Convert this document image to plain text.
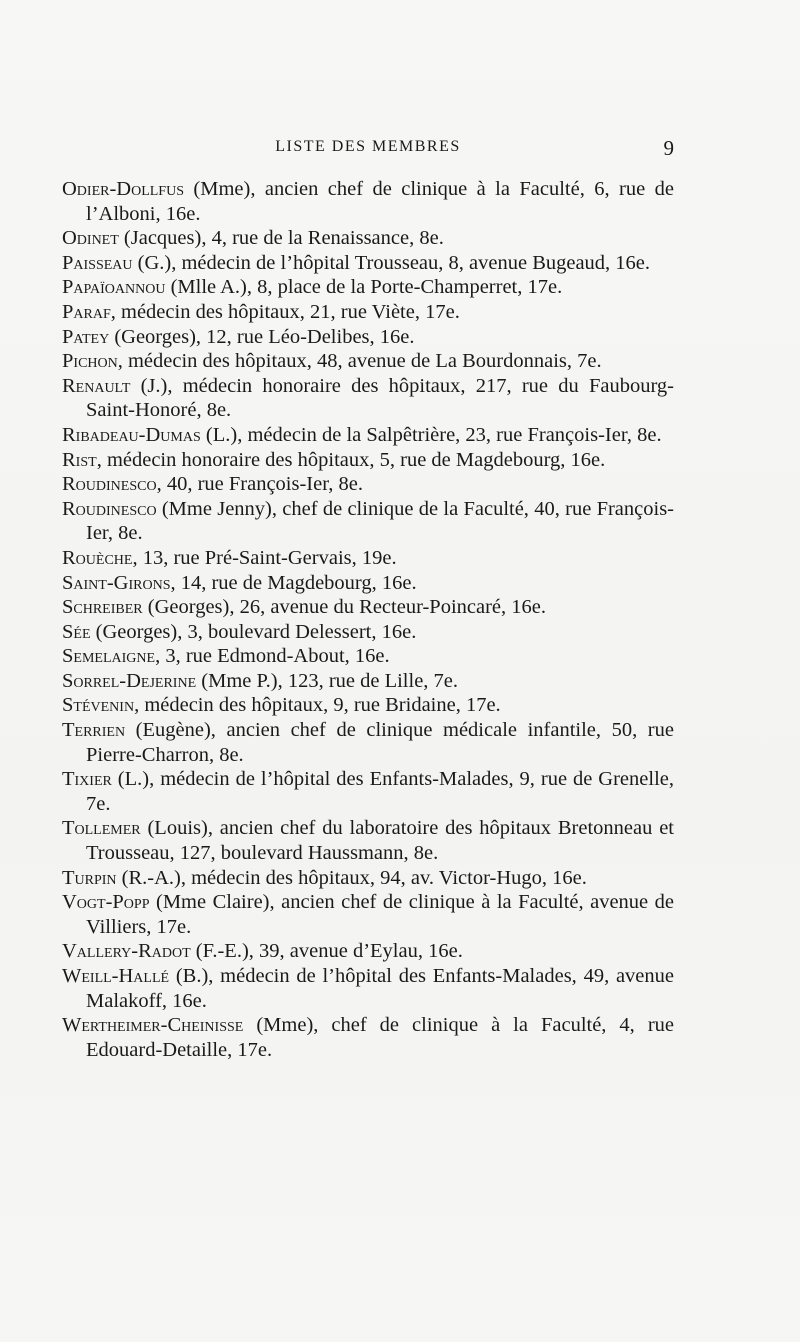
LISTE DES MEMBRES	9

Odier-Dollfus (Mme), ancien chef de clinique à la Faculté, 6, rue de l’Alboni, 16e.

Odinet (Jacques), 4, rue de la Renaissance, 8e.

Paisseau (G.), médecin de l’hôpital Trousseau, 8, avenue Bugeaud, 16e.

Papaïoannou (Mlle A.), 8, place de la Porte-Champerret, 17e.

Paraf, médecin des hôpitaux, 21, rue Viète, 17e.

Patey (Georges), 12, rue Léo-Delibes, 16e.

Pichon, médecin des hôpitaux, 48, avenue de La Bourdonnais, 7e.

Renault (J.), médecin honoraire des hôpitaux, 217, rue du Faubourg-Saint-Honoré, 8e.

Ribadeau-Dumas (L.), médecin de la Salpêtrière, 23, rue François-Ier, 8e.

Rist, médecin honoraire des hôpitaux, 5, rue de Magdebourg, 16e.

Roudinesco, 40, rue François-Ier, 8e.

Roudinesco (Mme Jenny), chef de clinique de la Faculté, 40, rue François-Ier, 8e.

Rouèche, 13, rue Pré-Saint-Gervais, 19e.

Saint-Girons, 14, rue de Magdebourg, 16e.

Schreiber (Georges), 26, avenue du Recteur-Poincaré, 16e.

Sée (Georges), 3, boulevard Delessert, 16e.

Semelaigne, 3, rue Edmond-About, 16e.

Sorrel-Dejerine (Mme P.), 123, rue de Lille, 7e.

Stévenin, médecin des hôpitaux, 9, rue Bridaine, 17e.

Terrien (Eugène), ancien chef de clinique médicale infantile, 50, rue Pierre-Charron, 8e.

Tixier (L.), médecin de l’hôpital des Enfants-Malades, 9, rue de Grenelle, 7e.

Tollemer (Louis), ancien chef du laboratoire des hôpitaux Bretonneau et Trousseau, 127, boulevard Haussmann, 8e.

Turpin (R.-A.), médecin des hôpitaux, 94, av. Victor-Hugo, 16e.

Vogt-Popp (Mme Claire), ancien chef de clinique à la Faculté, avenue de Villiers, 17e.

Vallery-Radot (F.-E.), 39, avenue d’Eylau, 16e.

Weill-Hallé (B.), médecin de l’hôpital des Enfants-Malades, 49, avenue Malakoff, 16e.

Wertheimer-Cheinisse (Mme), chef de clinique à la Faculté, 4, rue Edouard-Detaille, 17e.
